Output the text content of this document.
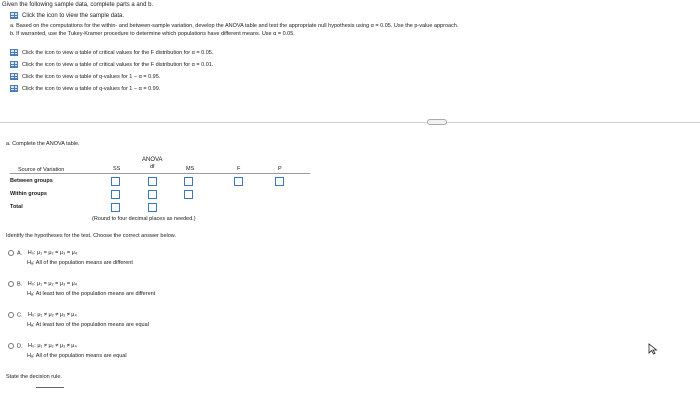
Given the following sample data, complete parts a and b.
Click the icon to view the sample data.
a. Based on the computations for the within- and between-sample variation, develop the ANOVA table and test the appropriate null hypothesis using α = 0.05. Use the p-value approach.
b. If warranted, use the Tukey-Kramer procedure to determine which populations have different means. Use α = 0.05.
Click the icon to view a table of critical values for the F distribution for α = 0.05.
Click the icon to view a table of critical values for the F distribution for α = 0.01.
Click the icon to view a table of q-values for 1 − α = 0.95.
Click the icon to view a table of q-values for 1 − α = 0.99.
a. Complete the ANOVA table.
ANOVA
Source of Variation	SS	df	MS	F	P
Between groups
Within groups
Total
(Round to four decimal places as needed.)
Identify the hypotheses for the test. Choose the correct answer below.
A. H₀: μ₁ = μ₂ = μ₃ = μ₄
Hₐ: All of the population means are different
B. H₀: μ₁ = μ₂ = μ₃ = μ₄
Hₐ: At least two of the population means are different
C. H₀: μ₁ ≠ μ₂ ≠ μ₃ ≠ μ₄
Hₐ: At least two of the population means are equal
D. H₀: μ₁ ≠ μ₂ ≠ μ₃ ≠ μ₄
Hₐ: All of the population means are equal
State the decision rule.
